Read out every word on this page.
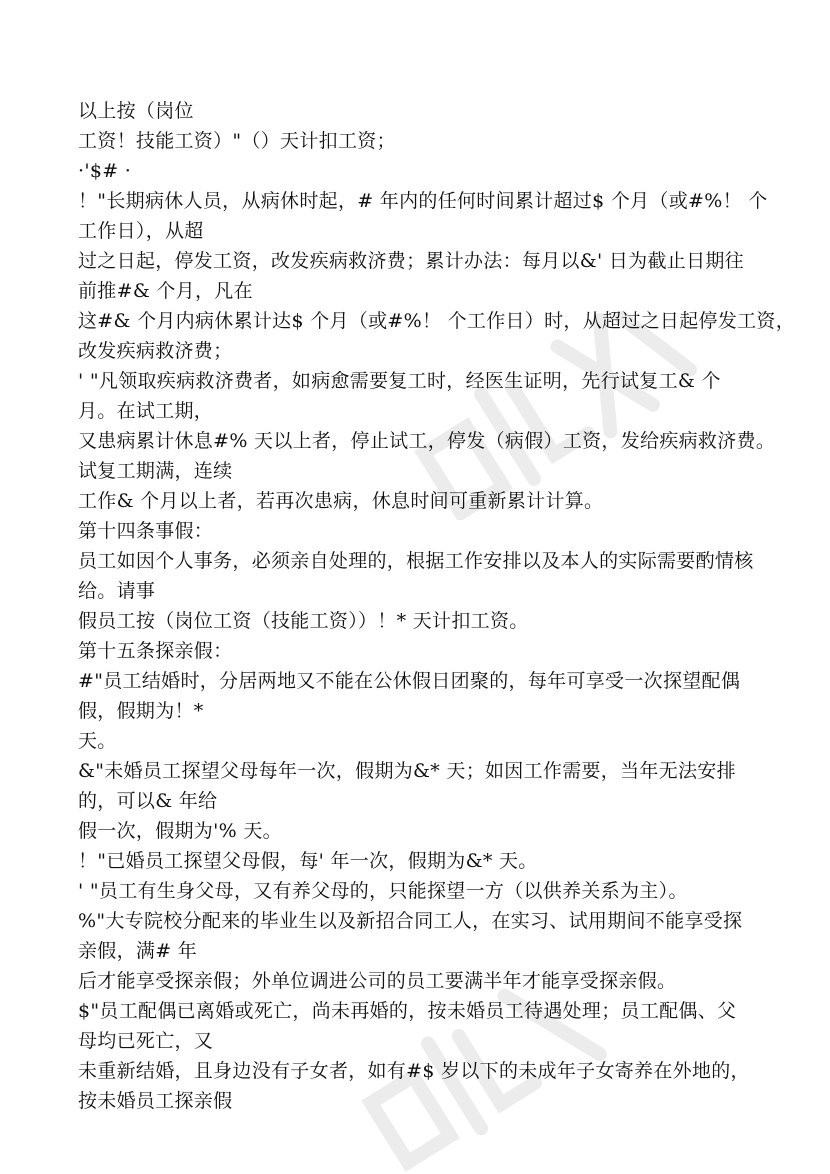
以上按（岗位
工资！技能工资）"（）天计扣工资；
·'$# ·
！"长期病休人员，从病休时起，# 年内的任何时间累计超过$ 个月（或#%！ 个
工作日），从超
过之日起，停发工资，改发疾病救济费；累计办法：每月以&' 日为截止日期往
前推#& 个月，凡在
这#& 个月内病休累计达$ 个月（或#%！ 个工作日）时，从超过之日起停发工资，
改发疾病救济费；
' "凡领取疾病救济费者，如病愈需要复工时，经医生证明，先行试复工& 个
月。在试工期，
又患病累计休息#% 天以上者，停止试工，停发（病假）工资，发给疾病救济费。
试复工期满，连续
工作& 个月以上者，若再次患病，休息时间可重新累计计算。
第十四条事假：
员工如因个人事务，必须亲自处理的，根据工作安排以及本人的实际需要酌情核
给。请事
假员工按（岗位工资（技能工资））！* 天计扣工资。
第十五条探亲假：
#"员工结婚时，分居两地又不能在公休假日团聚的，每年可享受一次探望配偶
假，假期为！*
天。
&"未婚员工探望父母每年一次，假期为&* 天；如因工作需要，当年无法安排
的，可以& 年给
假一次，假期为'% 天。
！"已婚员工探望父母假，每' 年一次，假期为&* 天。
' "员工有生身父母，又有养父母的，只能探望一方（以供养关系为主）。
%"大专院校分配来的毕业生以及新招合同工人，在实习、试用期间不能享受探
亲假，满# 年
后才能享受探亲假；外单位调进公司的员工要满半年才能享受探亲假。
$"员工配偶已离婚或死亡，尚未再婚的，按未婚员工待遇处理；员工配偶、父
母均已死亡，又
未重新结婚，且身边没有子女者，如有#$ 岁以下的未成年子女寄养在外地的，
按未婚员工探亲假
